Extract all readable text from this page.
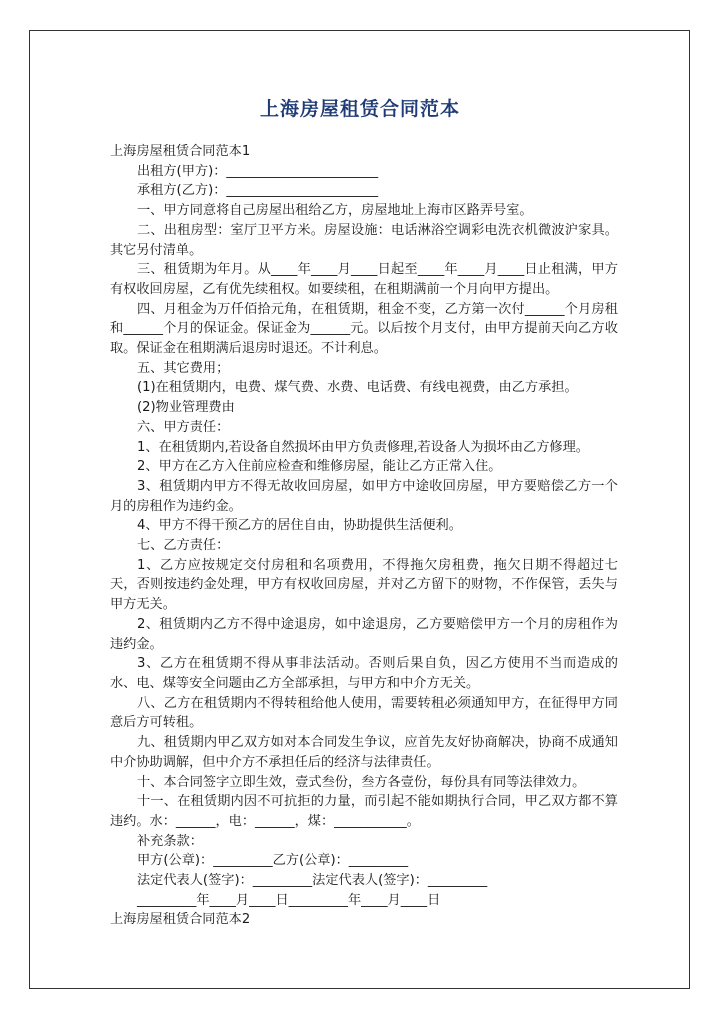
上海房屋租赁合同范本

上海房屋租赁合同范本1

出租方(甲方)：_______________________

承租方(乙方)：_______________________

一、甲方同意将自己房屋出租给乙方，房屋地址上海市区路弄号室。

二、出租房型：室厅卫平方米。房屋设施：电话淋浴空调彩电洗衣机微波沪家具。其它另付清单。

三、租赁期为年月。从____年____月____日起至____年____月____日止租满，甲方有权收回房屋，乙有优先续租权。如要续租，在租期满前一个月向甲方提出。

四、月租金为万仟佰拾元角，在租赁期，租金不变，乙方第一次付______个月房租和______个月的保证金。保证金为______元。以后按个月支付，由甲方提前天向乙方收取。保证金在租期满后退房时退还。不计利息。

五、其它费用；

(1)在租赁期内，电费、煤气费、水费、电话费、有线电视费，由乙方承担。

(2)物业管理费由

六、甲方责任：

1、在租赁期内,若设备自然损坏由甲方负责修理,若设备人为损坏由乙方修理。

2、甲方在乙方入住前应检查和维修房屋，能让乙方正常入住。

3、租赁期内甲方不得无故收回房屋，如甲方中途收回房屋，甲方要赔偿乙方一个月的房租作为违约金。

4、甲方不得干预乙方的居住自由，协助提供生活便利。

七、乙方责任：

1、乙方应按规定交付房租和名项费用，不得拖欠房租费，拖欠日期不得超过七天，否则按违约金处理，甲方有权收回房屋，并对乙方留下的财物，不作保管，丢失与甲方无关。

2、租赁期内乙方不得中途退房，如中途退房，乙方要赔偿甲方一个月的房租作为违约金。

3、乙方在租赁期不得从事非法活动。否则后果自负，因乙方使用不当而造成的水、电、煤等安全问题由乙方全部承担，与甲方和中介方无关。

八、乙方在租赁期内不得转租给他人使用，需要转租必须通知甲方，在征得甲方同意后方可转租。

九、租赁期内甲乙双方如对本合同发生争议，应首先友好协商解决，协商不成通知中介协助调解，但中介方不承担任后的经济与法律责任。

十、本合同签字立即生效，壹式叁份，叁方各壹份，每份具有同等法律效力。

十一、在租赁期内因不可抗拒的力量，而引起不能如期执行合同，甲乙双方都不算违约。水：______，电：______，煤：___________。

补充条款：

甲方(公章)：_________乙方(公章)：_________

法定代表人(签字)：_________法定代表人(签字)：_________

_________年____月____日_________年____月____日

上海房屋租赁合同范本2
